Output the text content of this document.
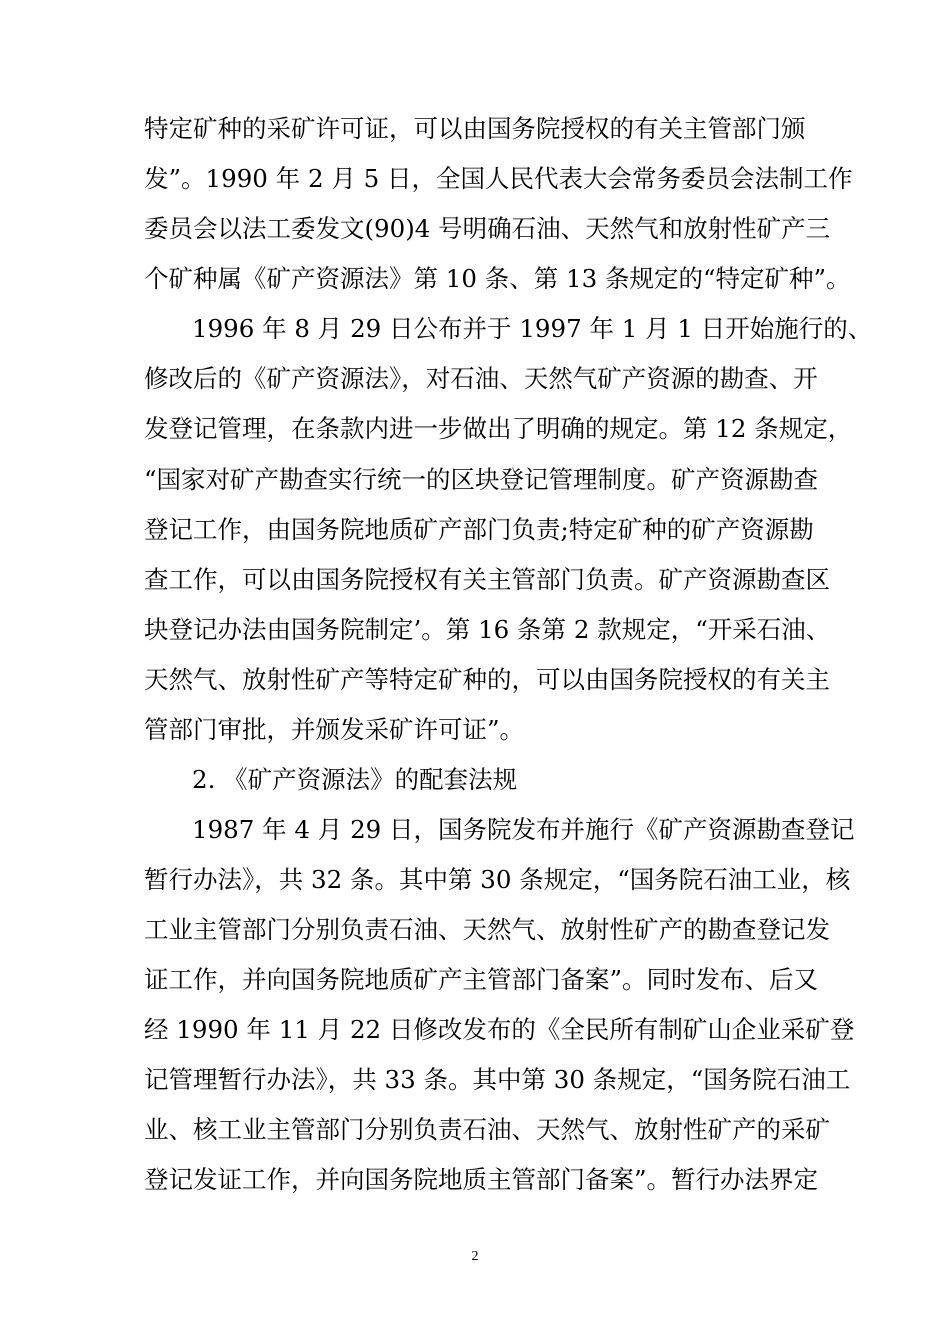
特定矿种的采矿许可证，可以由国务院授权的有关主管部门颁
发”。1990 年 2 月 5 日，全国人民代表大会常务委员会法制工作
委员会以法工委发文(90)4 号明确石油、天然气和放射性矿产三
个矿种属《矿产资源法》第 10 条、第 13 条规定的“特定矿种”。
1996 年 8 月 29 日公布并于 1997 年 1 月 1 日开始施行的、
修改后的《矿产资源法》，对石油、天然气矿产资源的勘查、开
发登记管理，在条款内进一步做出了明确的规定。第 12 条规定，
“国家对矿产勘查实行统一的区块登记管理制度。矿产资源勘查
登记工作，由国务院地质矿产部门负责;特定矿种的矿产资源勘
查工作，可以由国务院授权有关主管部门负责。矿产资源勘查区
块登记办法由国务院制定’。第 16 条第 2 款规定，“开采石油、
天然气、放射性矿产等特定矿种的，可以由国务院授权的有关主
管部门审批，并颁发采矿许可证”。
2. 《矿产资源法》的配套法规
1987 年 4 月 29 日，国务院发布并施行《矿产资源勘查登记
暂行办法》，共 32 条。其中第 30 条规定，“国务院石油工业，核
工业主管部门分别负责石油、天然气、放射性矿产的勘查登记发
证工作，并向国务院地质矿产主管部门备案”。同时发布、后又
经 1990 年 11 月 22 日修改发布的《全民所有制矿山企业采矿登
记管理暂行办法》，共 33 条。其中第 30 条规定，“国务院石油工
业、核工业主管部门分别负责石油、天然气、放射性矿产的采矿
登记发证工作，并向国务院地质主管部门备案”。暂行办法界定
2
